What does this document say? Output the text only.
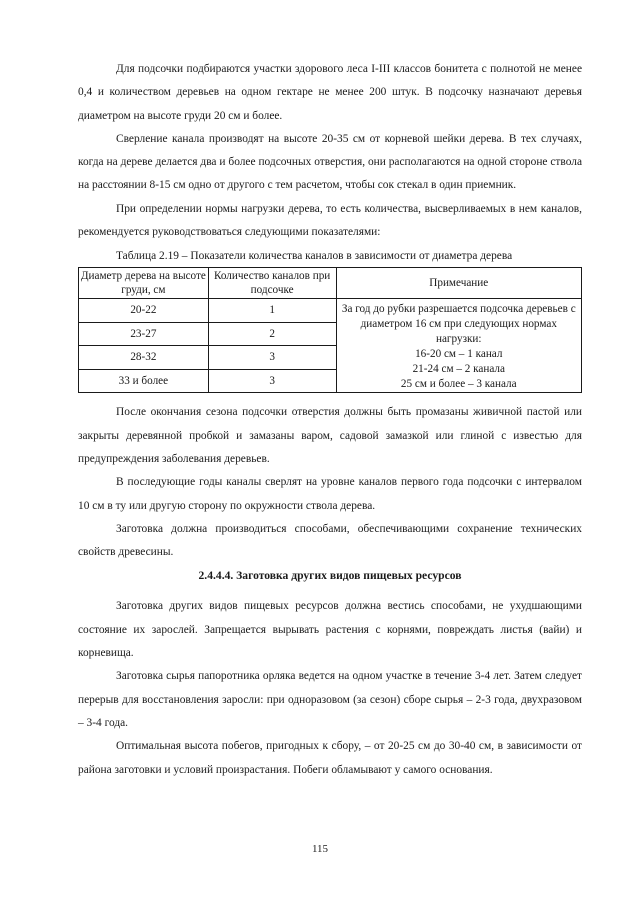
Для подсочки подбираются участки здорового леса I-III классов бонитета с полнотой не менее 0,4 и количеством деревьев на одном гектаре не менее 200 штук. В подсочку назначают деревья диаметром на высоте груди 20 см и более.

Сверление канала производят на высоте 20-35 см от корневой шейки дерева. В тех случаях, когда на дереве делается два и более подсочных отверстия, они располагаются на одной стороне ствола на расстоянии 8-15 см одно от другого с тем расчетом, чтобы сок стекал в один приемник.

При определении нормы нагрузки дерева, то есть количества, высверливаемых в нем каналов, рекомендуется руководствоваться следующими показателями:

Таблица 2.19 – Показатели количества каналов в зависимости от диаметра дерева
Диаметр дерева на высоте груди, см	Количество каналов при подсочке	Примечание
20-22	1	За год до рубки разрешается подсочка деревьев с диаметром 16 см при следующих нормах нагрузки:
16-20 см – 1 канал
21-24 см – 2 канала
25 см и более – 3 канала

23-27	2	
28-32	3	
33 и более	3	

После окончания сезона подсочки отверстия должны быть промазаны живичной пастой или закрыты деревянной пробкой и замазаны варом, садовой замазкой или глиной с известью для предупреждения заболевания деревьев.

В последующие годы каналы сверлят на уровне каналов первого года подсочки с интервалом 10 см в ту или другую сторону по окружности ствола дерева.

Заготовка должна производиться способами, обеспечивающими сохранение технических свойств древесины.

2.4.4.4. Заготовка других видов пищевых ресурсов

Заготовка других видов пищевых ресурсов должна вестись способами, не ухудшающими состояние их зарослей. Запрещается вырывать растения с корнями, повреждать листья (вайи) и корневища.

Заготовка сырья папоротника орляка ведется на одном участке в течение 3-4 лет. Затем следует перерыв для восстановления заросли: при одноразовом (за сезон) сборе сырья – 2-3 года, двухразовом – 3-4 года.

Оптимальная высота побегов, пригодных к сбору, – от 20-25 см до 30-40 см, в зависимости от района заготовки и условий произрастания. Побеги обламывают у самого основания.

115
